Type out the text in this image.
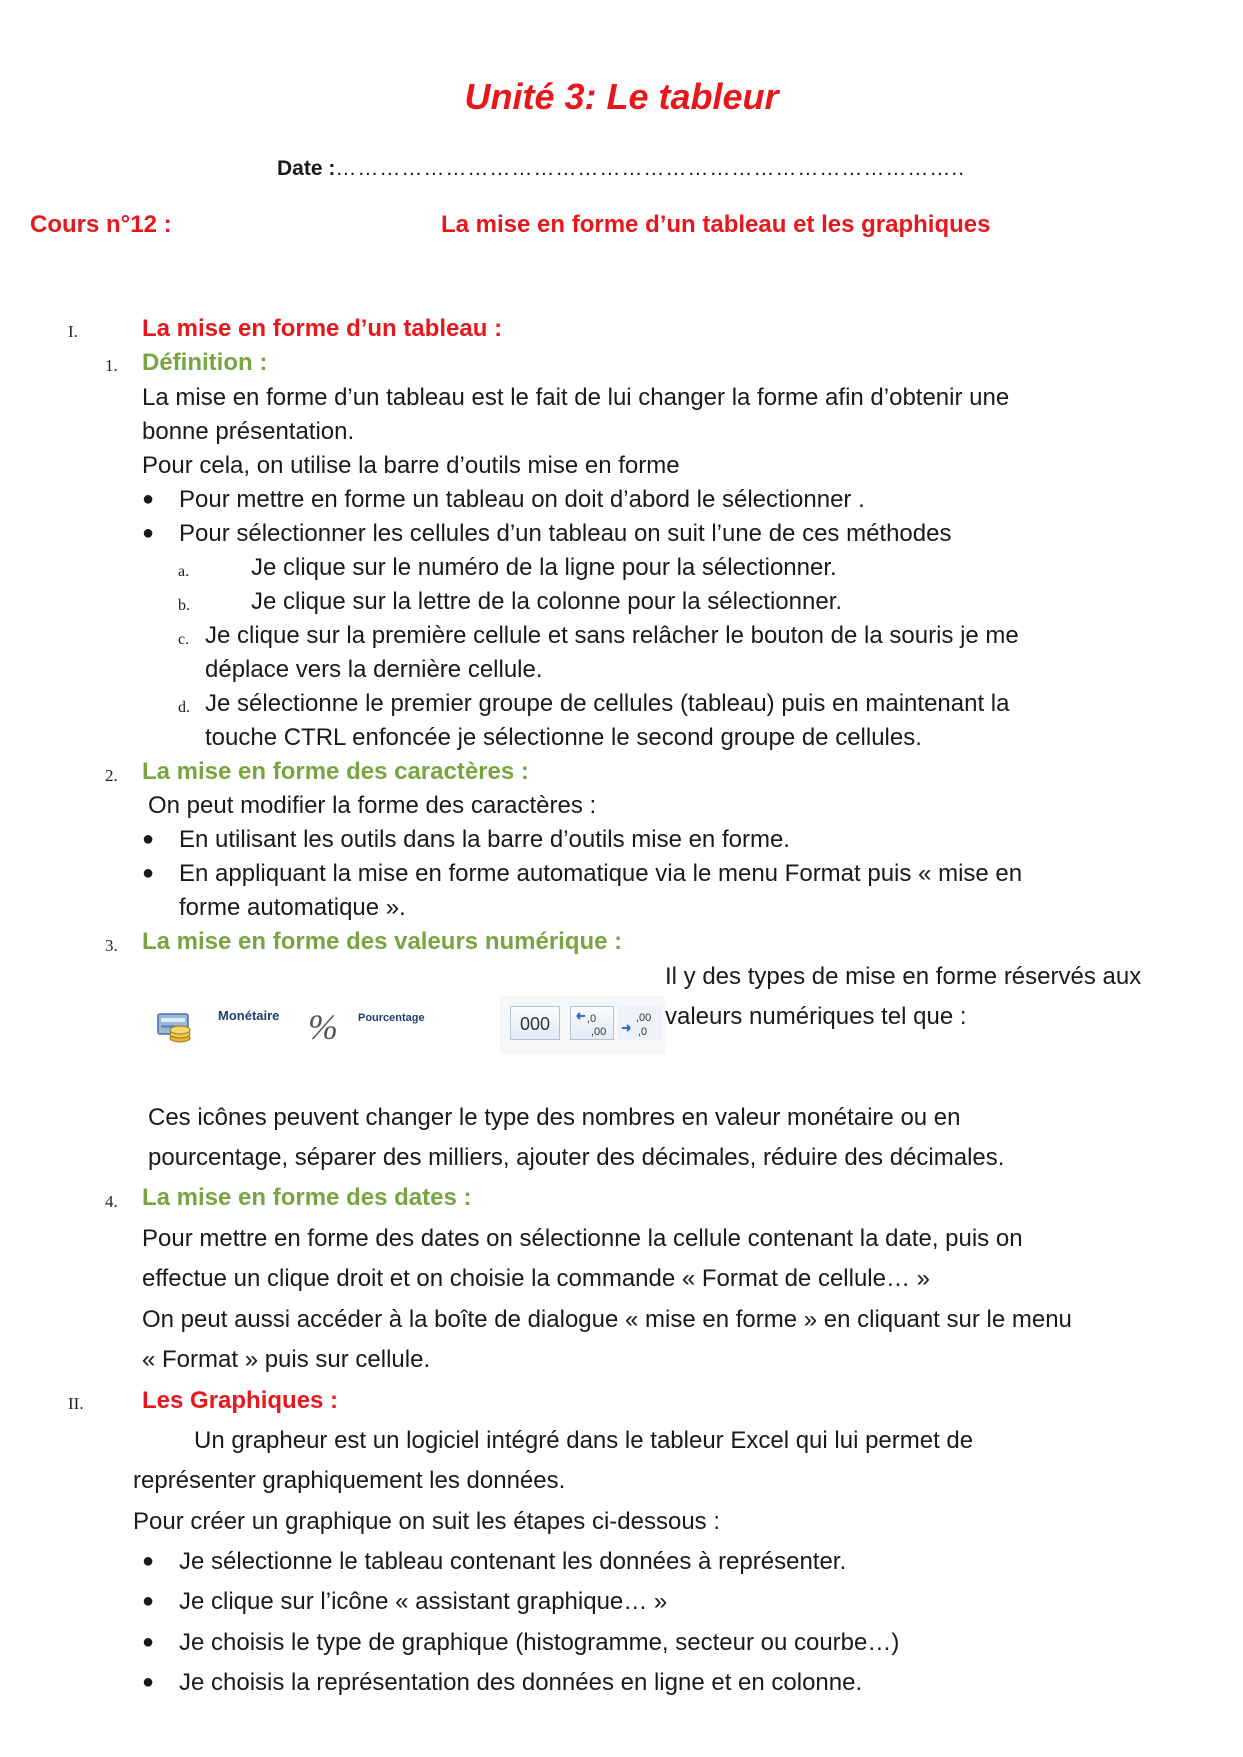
Unité 3: Le tableur
Date :…………………………………………………………………………..
Cours n°12 :	La mise en forme d’un tableau et les graphiques
I.	La mise en forme d’un tableau :
1. Définition :
La mise en forme d’un tableau est le fait de lui changer la forme afin d’obtenir une
bonne présentation.
Pour cela, on utilise la barre d’outils mise en forme
● Pour mettre en forme un tableau on doit d’abord le sélectionner .
● Pour sélectionner les cellules d’un tableau on suit l’une de ces méthodes
a.	Je clique sur le numéro de la ligne pour la sélectionner.
b.	Je clique sur la lettre de la colonne pour la sélectionner.
c. Je clique sur la première cellule et sans relâcher le bouton de la souris je me
déplace vers la dernière cellule.
d. Je sélectionne le premier groupe de cellules (tableau) puis en maintenant la
touche CTRL enfoncée je sélectionne le second groupe de cellules.
2. La mise en forme des caractères :
On peut modifier la forme des caractères :
● En utilisant les outils dans la barre d’outils mise en forme.
● En appliquant la mise en forme automatique via le menu Format puis « mise en
forme automatique ».
3. La mise en forme des valeurs numérique :
Il y des types de mise en forme réservés aux
valeurs numériques tel que :
Monétaire % Pourcentage	000	,0
,00
,00
,0
Ces icônes peuvent changer le type des nombres en valeur monétaire ou en
pourcentage, séparer des milliers, ajouter des décimales, réduire des décimales.
4. La mise en forme des dates :
Pour mettre en forme des dates on sélectionne la cellule contenant la date, puis on
effectue un clique droit et on choisie la commande « Format de cellule… »
On peut aussi accéder à la boîte de dialogue « mise en forme » en cliquant sur le menu
« Format » puis sur cellule.
II. Les Graphiques :
Un grapheur est un logiciel intégré dans le tableur Excel qui lui permet de
représenter graphiquement les données.
Pour créer un graphique on suit les étapes ci-dessous :
● Je sélectionne le tableau contenant les données à représenter.
● Je clique sur l’icône « assistant graphique… »
● Je choisis le type de graphique (histogramme, secteur ou courbe…)
● Je choisis la représentation des données en ligne et en colonne.
